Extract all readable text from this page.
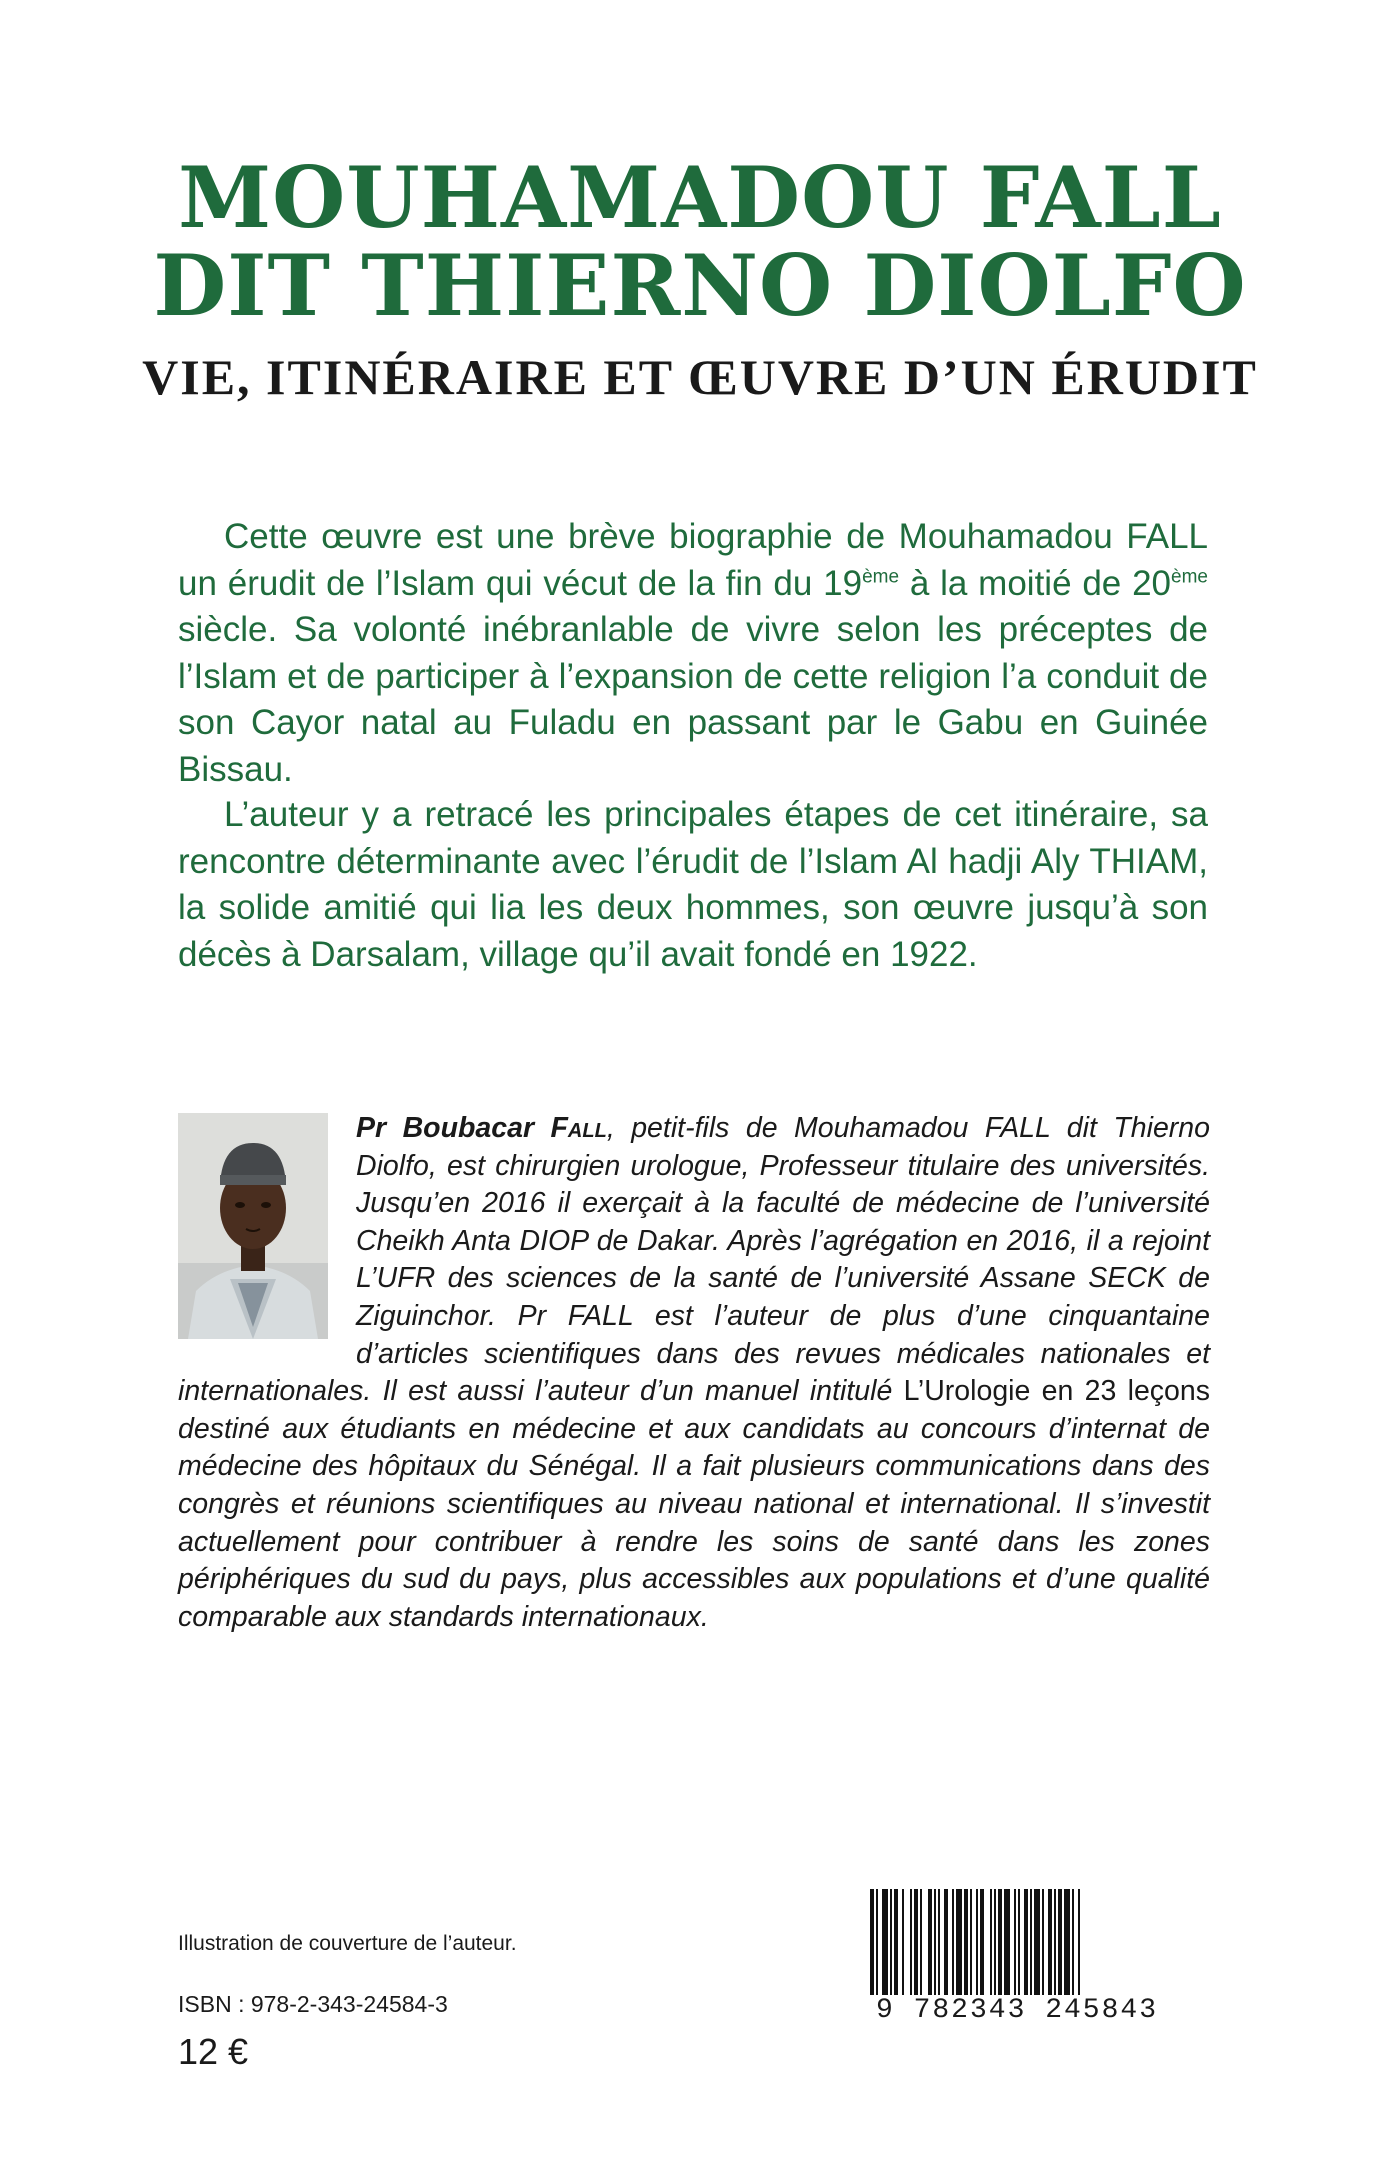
MOUHAMADOU FALL
DIT THIERNO DIOLFO
VIE, ITINÉRAIRE ET ŒUVRE D’UN ÉRUDIT

Cette œuvre est une brève biographie de Mouhamadou FALL un érudit de l’Islam qui vécut de la fin du 19ème à la moitié de 20ème siècle. Sa volonté inébranlable de vivre selon les préceptes de l’Islam et de participer à l’expansion de cette religion l’a conduit de son Cayor natal au Fuladu en passant par le Gabu en Guinée Bissau.

L’auteur y a retracé les principales étapes de cet itinéraire, sa rencontre déterminante avec l’érudit de l’Islam Al hadji Aly THIAM, la solide amitié qui lia les deux hommes, son œuvre jusqu’à son décès à Darsalam, village qu’il avait fondé en 1922.

Pr Boubacar Fall, petit-fils de Mouhamadou FALL dit Thierno Diolfo, est chirurgien urologue, Professeur titulaire des universités. Jusqu’en 2016 il exerçait à la faculté de médecine de l’université Cheikh Anta DIOP de Dakar. Après l’agrégation en 2016, il a rejoint L’UFR des sciences de la santé de l’université Assane SECK de Ziguinchor. Pr FALL est l’auteur de plus d’une cinquantaine d’articles scientifiques dans des revues médicales nationales et internationales. Il est aussi l’auteur d’un manuel intitulé L’Urologie en 23 leçons destiné aux étudiants en médecine et aux candidats au concours d’internat de médecine des hôpitaux du Sénégal. Il a fait plusieurs communications dans des congrès et réunions scientifiques au niveau national et international. Il s’investit actuellement pour contribuer à rendre les soins de santé dans les zones périphériques du sud du pays, plus accessibles aux populations et d’une qualité comparable aux standards internationaux.

Illustration de couverture de l’auteur.

ISBN : 978-2-343-24584-3

12 €

9 782343 245843
